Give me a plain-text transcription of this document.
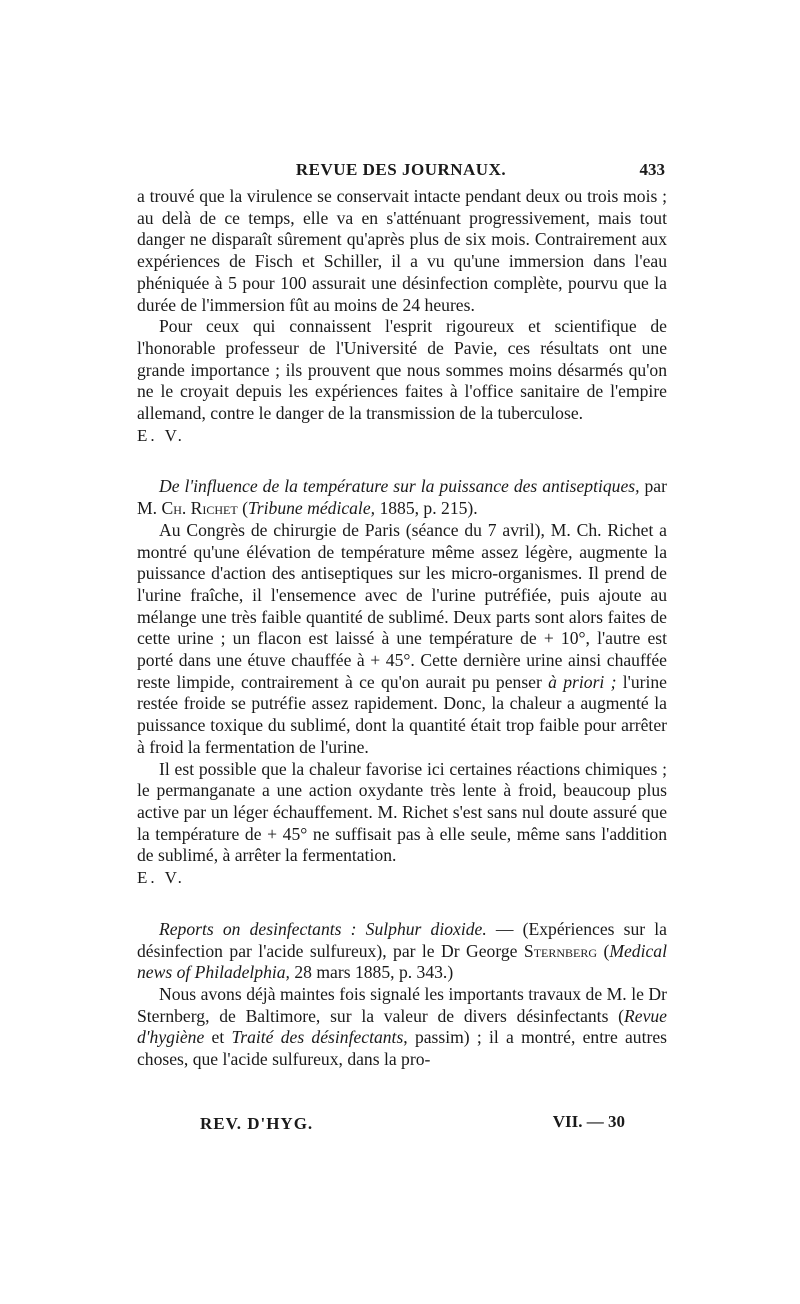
REVUE DES JOURNAUX.	433

a trouvé que la virulence se conservait intacte pendant deux ou trois mois ; au delà de ce temps, elle va en s'atténuant progressivement, mais tout danger ne disparaît sûrement qu'après plus de six mois. Contrairement aux expériences de Fisch et Schiller, il a vu qu'une immersion dans l'eau phéniquée à 5 pour 100 assurait une désinfection complète, pourvu que la durée de l'immersion fût au moins de 24 heures.

Pour ceux qui connaissent l'esprit rigoureux et scientifique de l'honorable professeur de l'Université de Pavie, ces résultats ont une grande importance ; ils prouvent que nous sommes moins désarmés qu'on ne le croyait depuis les expériences faites à l'office sanitaire de l'empire allemand, contre le danger de la transmission de la tuberculose.

E. V.

De l'influence de la température sur la puissance des antiseptiques, par M. Ch. Richet (Tribune médicale, 1885, p. 215).

Au Congrès de chirurgie de Paris (séance du 7 avril), M. Ch. Richet a montré qu'une élévation de température même assez légère, augmente la puissance d'action des antiseptiques sur les micro-organismes. Il prend de l'urine fraîche, il l'ensemence avec de l'urine putréfiée, puis ajoute au mélange une très faible quantité de sublimé. Deux parts sont alors faites de cette urine ; un flacon est laissé à une température de + 10°, l'autre est porté dans une étuve chauffée à + 45°. Cette dernière urine ainsi chauffée reste limpide, contrairement à ce qu'on aurait pu penser à priori ; l'urine restée froide se putréfie assez rapidement. Donc, la chaleur a augmenté la puissance toxique du sublimé, dont la quantité était trop faible pour arrêter à froid la fermentation de l'urine.

Il est possible que la chaleur favorise ici certaines réactions chimiques ; le permanganate a une action oxydante très lente à froid, beaucoup plus active par un léger échauffement. M. Richet s'est sans nul doute assuré que la température de + 45° ne suffisait pas à elle seule, même sans l'addition de sublimé, à arrêter la fermentation.

E. V.

Reports on desinfectants : Sulphur dioxide. — (Expériences sur la désinfection par l'acide sulfureux), par le Dr George Sternberg (Medical news of Philadelphia, 28 mars 1885, p. 343.)

Nous avons déjà maintes fois signalé les importants travaux de M. le Dr Sternberg, de Baltimore, sur la valeur de divers désinfectants (Revue d'hygiène et Traité des désinfectants, passim) ; il a montré, entre autres choses, que l'acide sulfureux, dans la pro-

REV. D'HYG.	VII. — 30
